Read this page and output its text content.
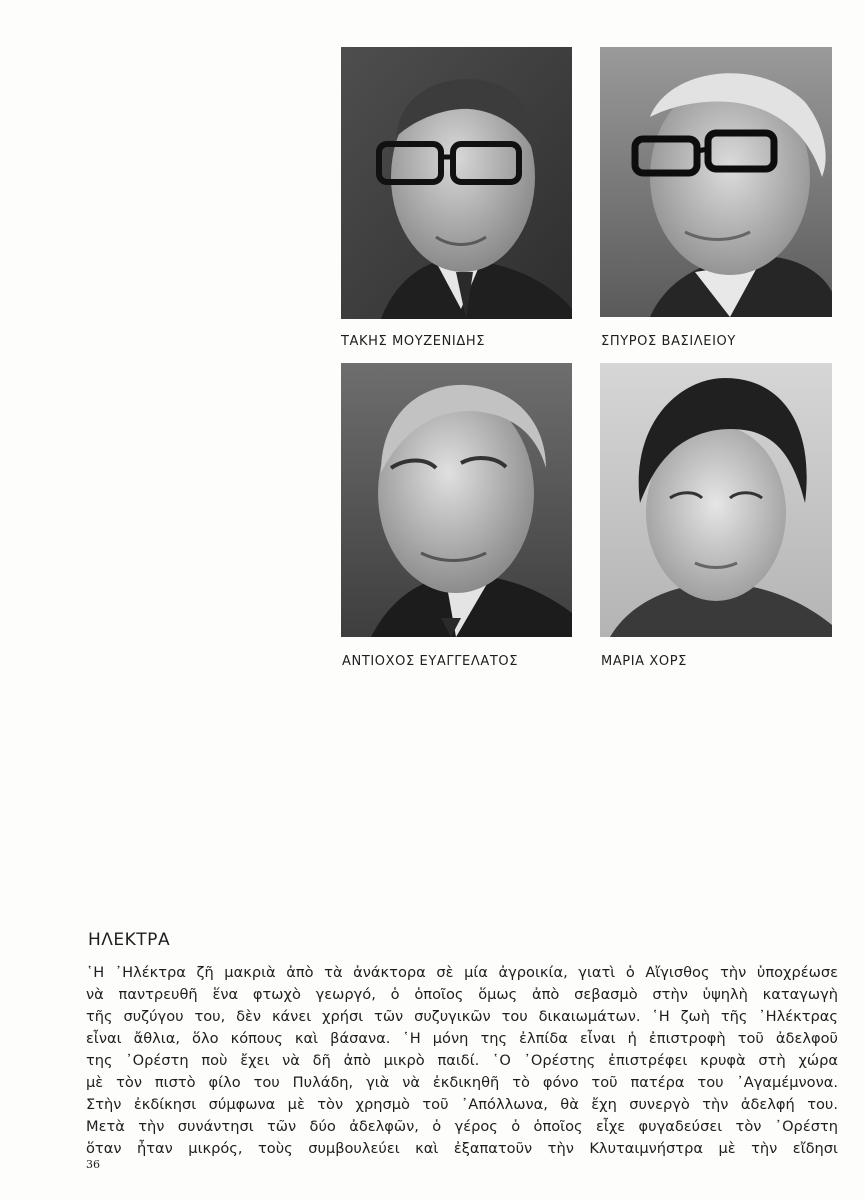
ΤΑΚΗΣ ΜΟΥΖΕΝΙΔΗΣ	ΣΠΥΡΟΣ ΒΑΣΙΛΕΙΟΥ
ΑΝΤΙΟΧΟΣ ΕΥΑΓΓΕΛΑΤΟΣ	ΜΑΡΙΑ ΧΟΡΣ
ΗΛΕΚΤΡΑ
῾Η ᾿Ηλέκτρα ζῆ μακριὰ ἀπὸ τὰ ἀνάκτορα σὲ μία ἀγροικία, γιατὶ ὁ Αἴγισθος τὴν ὑποχρέωσε
νὰ παντρευθῆ ἕνα φτωχὸ γεωργό, ὁ ὁποῖος ὅμως ἀπὸ σεβασμὸ στὴν ὑψηλὴ καταγωγὴ
τῆς συζύγου του, δὲν κάνει χρήσι τῶν συζυγικῶν του δικαιωμάτων. ῾Η ζωὴ τῆς ᾿Ηλέκτρας
εἶναι ἄθλια, ὅλο κόπους καὶ βάσανα. ῾Η μόνη της ἐλπίδα εἶναι ἡ ἐπιστροφὴ τοῦ ἀδελφοῦ
της ᾿Ορέστη ποὺ ἔχει νὰ δῆ ἀπὸ μικρὸ παιδί. ῾Ο ᾿Ορέστης ἐπιστρέφει κρυφὰ στὴ χώρα
μὲ τὸν πιστὸ φίλο του Πυλάδη, γιὰ νὰ ἐκδικηθῆ τὸ φόνο τοῦ πατέρα του ᾿Αγαμέμνονα.
Στὴν ἐκδίκησι σύμφωνα μὲ τὸν χρησμὸ τοῦ ᾿Απόλλωνα, θὰ ἔχη συνεργὸ τὴν ἀδελφή του.
Μετὰ τὴν συνάντησι τῶν δύο ἀδελφῶν, ὁ γέρος ὁ ὁποῖος εἶχε φυγαδεύσει τὸν ᾿Ορέστη
ὅταν ἦταν μικρός, τοὺς συμβουλεύει καὶ ἐξαπατοῦν τὴν Κλυταιμνήστρα μὲ τὴν εἴδησι
36
